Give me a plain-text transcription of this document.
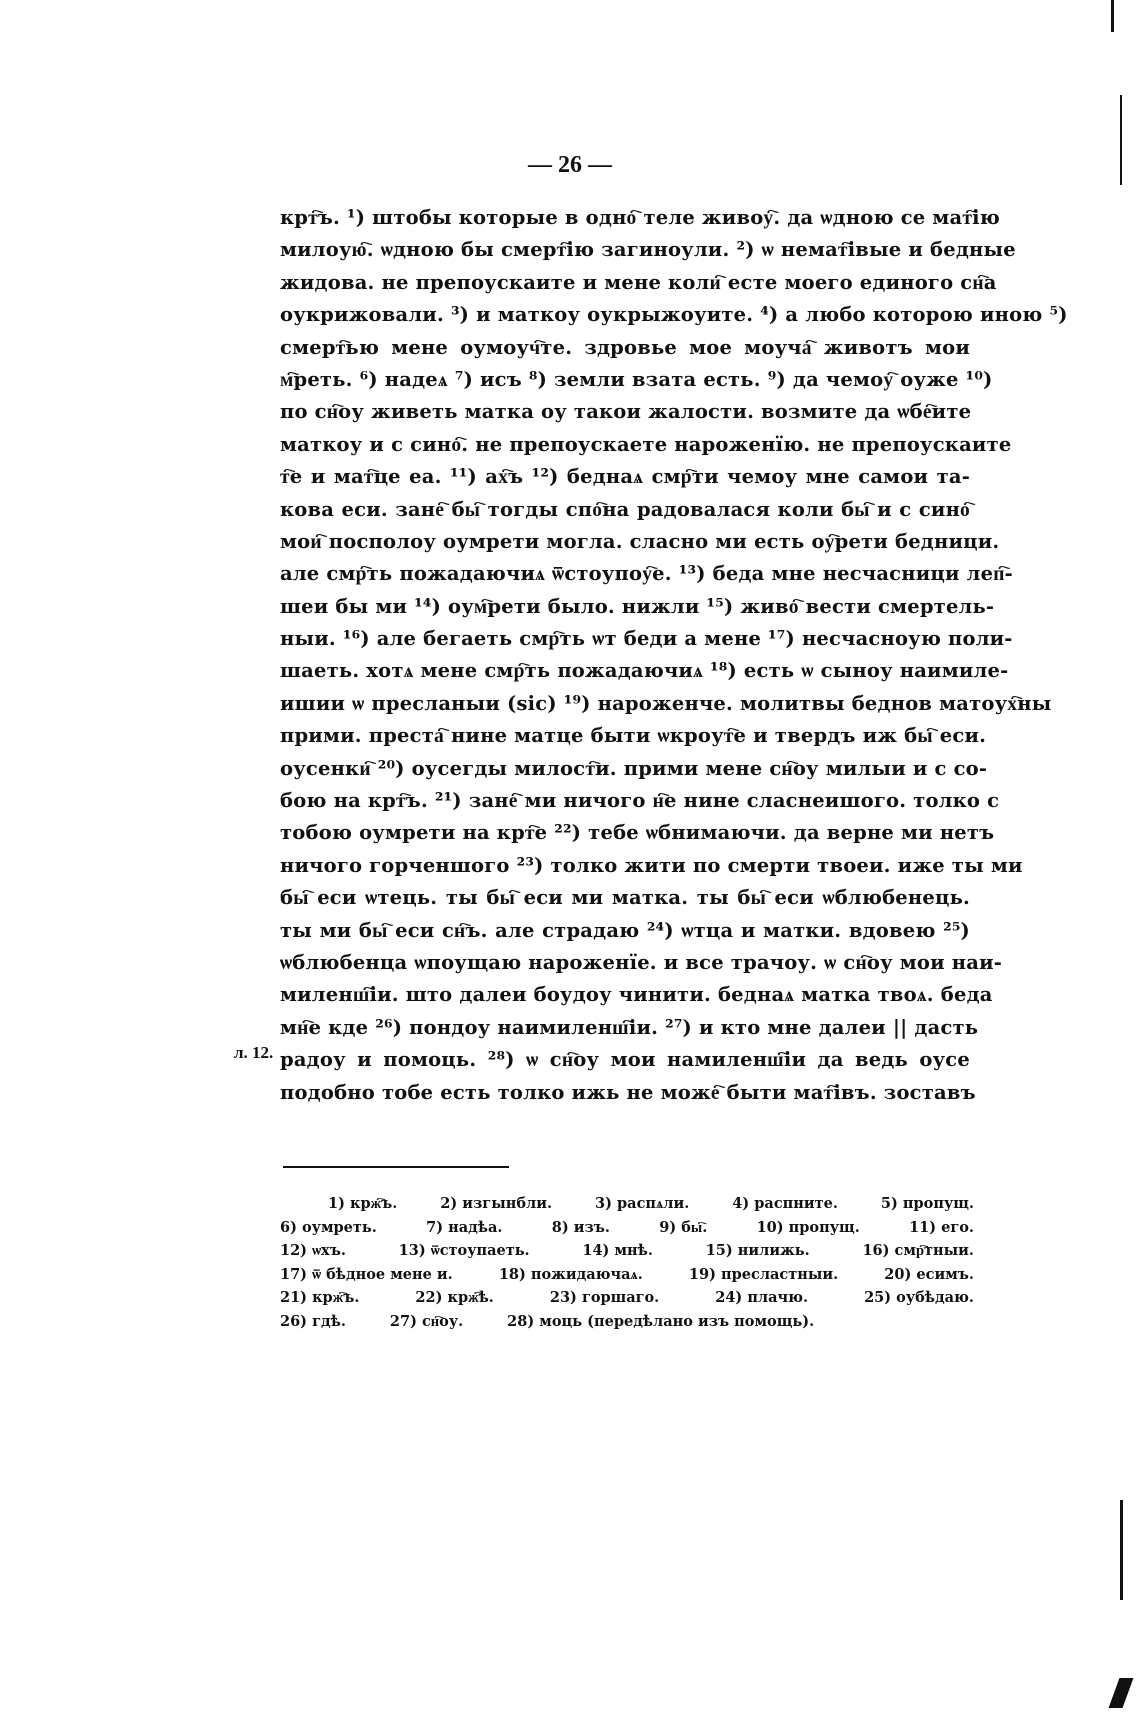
— 26 —
л. 12.
крт҇ъ. ¹) штобы которые в одно҇ теле живоу҇. да ѡдною се мат҇ію
милоую҇. ѡдною бы смерт҇ію загиноули. ²) ѡ немат҇івые и бедные
жидова. не препоускаите и мене коли҇ есте моего единого сн҇а
оукрижовали. ³) и маткоу оукрыжоуите. ⁴) а любо которою иною ⁵)
смерт҇ью мене оумоуч҇те. здровье мое моуча҇ животъ мои
м҇реть. ⁶) надеѧ ⁷) исъ ⁸) земли взата есть. ⁹) да чемоу҇ оуже ¹⁰)
по сн҇оу живеть матка оу такои жалости. возмите да ѡбе҇ите
маткоу и с сино҇. не препоускаете нароженїю. не препоускаите
т҇е и мат҇це еа. ¹¹) ах҇ъ ¹²) беднаѧ смр҇ти чемоу мне самои та-
кова еси. зане҇ бы҇ тогды спо҇на радовалася коли бы҇ и с сино҇
мои҇ посполоу оумрети могла. сласно ми есть оу҇рети бедници.
але смр҇ть пожадаючиѧ ѿстоупоу҇е. ¹³) беда мне несчасници леп҇-
шеи бы ми ¹⁴) оум҇рети было. нижли ¹⁵) живо҇ вести смертель-
ныи. ¹⁶) але бегаеть смр҇ть ѡт беди а мене ¹⁷) несчасноую поли-
шаеть. хотѧ мене смр҇ть пожадаючиѧ ¹⁸) есть ѡ сыноу наимиле-
ишии ѡ пресланыи (sic) ¹⁹) нароженче. молитвы беднов матоух҇ны
прими. преста҇ нине матце быти ѡкроут҇е и твердъ иж бы҇ еси.
оусенки҇ ²⁰) оусегды милост҇и. прими мене сн҇оу милыи и с со-
бою на крт҇ъ. ²¹) зане҇ ми ничого н҇е нине сласнеишого. толко с
тобою оумрети на крт҇е ²²) тебе ѡбнимаючи. да верне ми нетъ
ничого горченшого ²³) толко жити по смерти твоеи. иже ты ми
бы҇ еси ѡтець. ты бы҇ еси ми матка. ты бы҇ еси ѡблюбенець.
ты ми бы҇ еси сн҇ъ. але страдаю ²⁴) ѡтца и матки. вдовею ²⁵)
ѡблюбенца ѡпоущаю нароженїе. и все трачоу. ѡ сн҇оу мои наи-
миленш҇іи. што далеи боудоу чинити. беднаѧ матка твоѧ. беда
мн҇е кде ²⁶) пондоу наимиленш҇іи. ²⁷) и кто мне далеи || дасть
радоу и помоць. ²⁸) ѡ сн҇оу мои намиленш҇іи да ведь оусе
подобно тобе есть толко ижь не може҇ быти мат҇івъ. зоставъ
1) крж҇ъ.	2) изгынбли.	3) распѧли.	4) распните.	5) пропущ.
6) оумреть.	7) надѣа.	8) изъ.	9) бы҇.	10) пропущ.	11) его.
12) ѡхъ.	13) ѿстоупаеть.	14) мнѣ.	15) нилижь.	16) смр҇тныи.
17) ѿ бѣдное мене и.	18) пожидаючаѧ.	19) пресластныи.	20) есимъ.
21) крж҇ъ.	22) крж҇ѣ.	23) горшаго.	24) плачю.	25) оубѣдаю.
26) гдѣ.	27) сн҇оу.	28) моць (передѣлано изъ помощь).
